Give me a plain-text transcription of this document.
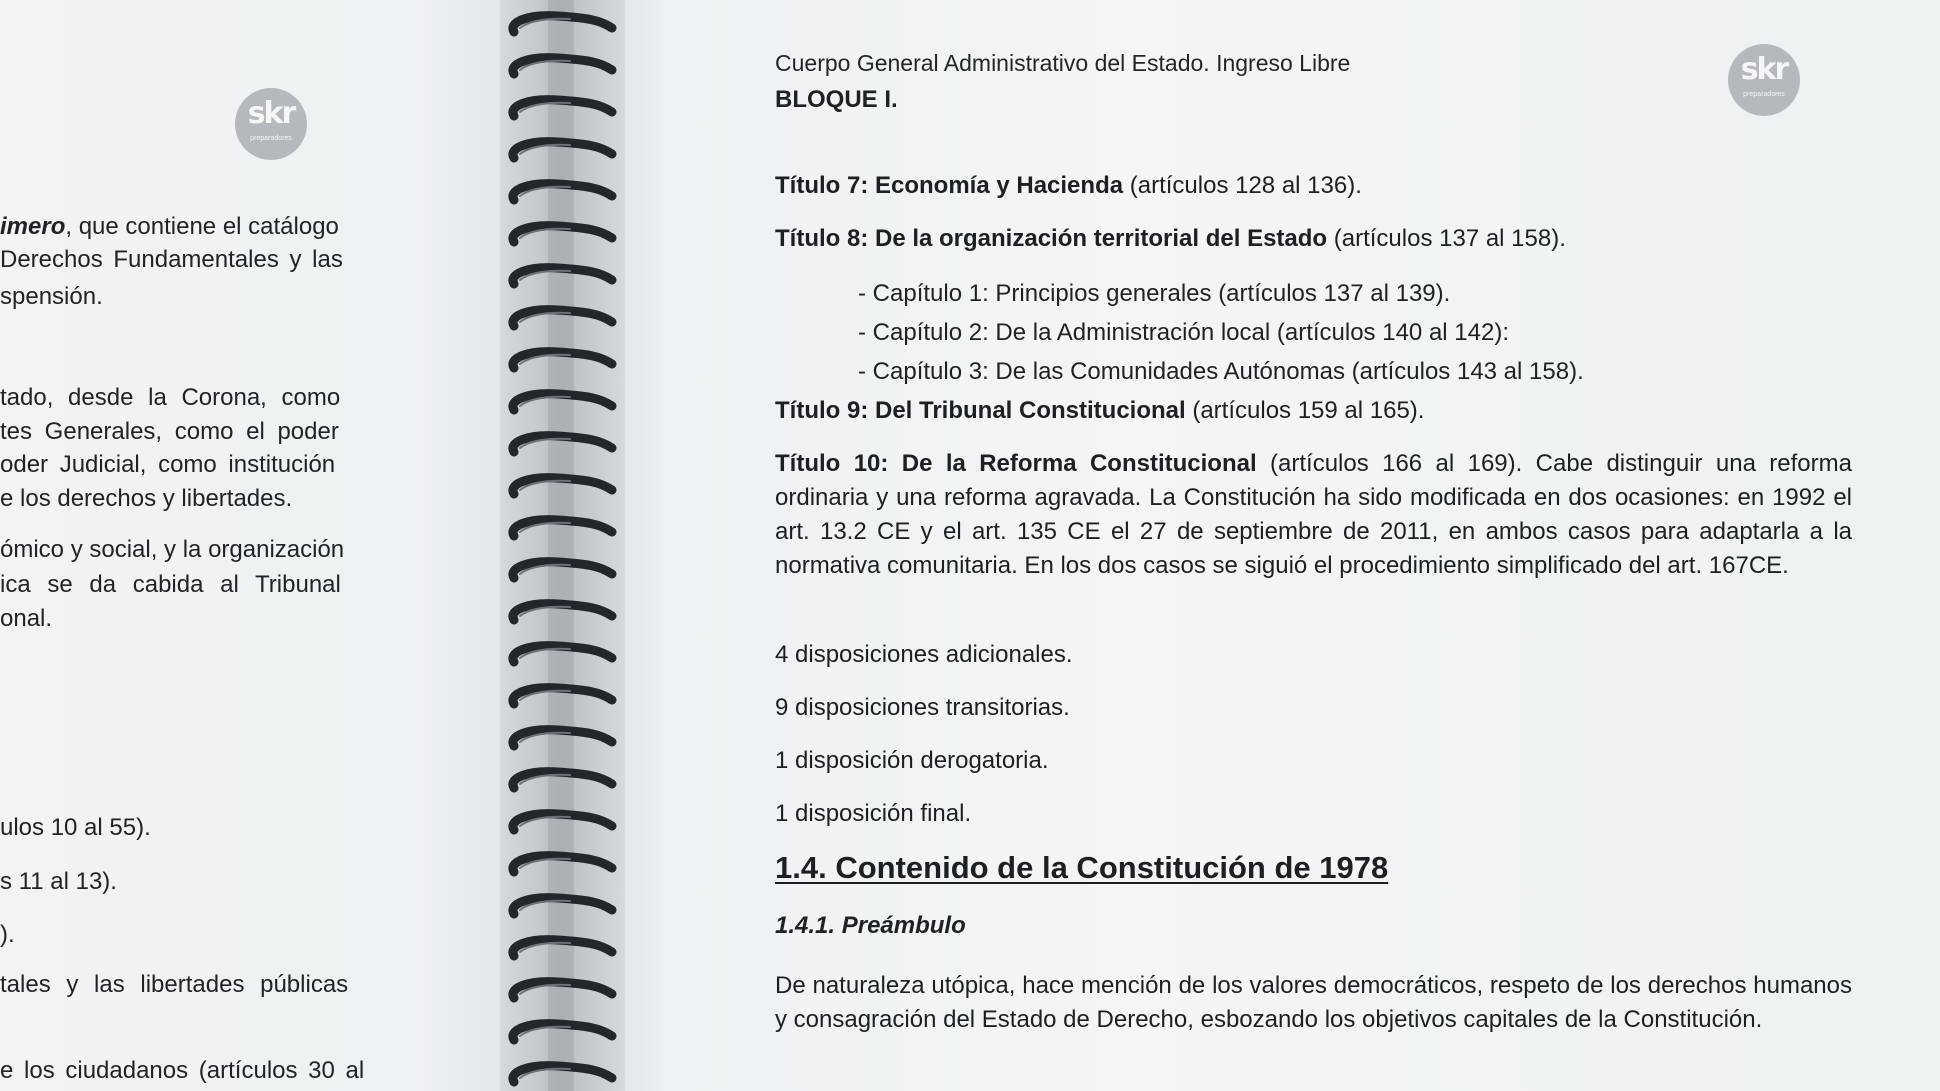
skr
preparadores
imero, que contiene el catálogo
Derechos Fundamentales y las
spensión.
tado, desde la Corona, como
tes Generales, como el poder
oder Judicial, como institución
e los derechos y libertades.
ómico y social, y la organización
ica se da cabida al Tribunal
onal.
ulos 10 al 55).
s 11 al 13).
).
tales y las libertades públicas
e los ciudadanos (artículos 30 al
skr
preparadores
Cuerpo General Administrativo del Estado. Ingreso Libre
BLOQUE I.
Título 7: Economía y Hacienda (artículos 128 al 136).
Título 8: De la organización territorial del Estado (artículos 137 al 158).
- Capítulo 1: Principios generales (artículos 137 al 139).
- Capítulo 2: De la Administración local (artículos 140 al 142):
- Capítulo 3: De las Comunidades Autónomas (artículos 143 al 158).
Título 9: Del Tribunal Constitucional (artículos 159 al 165).
Título 10: De la Reforma Constitucional (artículos 166 al 169). Cabe distinguir una reforma ordinaria y una reforma agravada. La Constitución ha sido modificada en dos ocasiones: en 1992 el art. 13.2 CE y el art. 135 CE el 27 de septiembre de 2011, en ambos casos para adaptarla a la normativa comunitaria. En los dos casos se siguió el procedimiento simplificado del art. 167CE.
4 disposiciones adicionales.
9 disposiciones transitorias.
1 disposición derogatoria.
1 disposición final.
1.4. Contenido de la Constitución de 1978
1.4.1. Preámbulo
De naturaleza utópica, hace mención de los valores democráticos, respeto de los derechos humanos y consagración del Estado de Derecho, esbozando los objetivos capitales de la Constitución.
